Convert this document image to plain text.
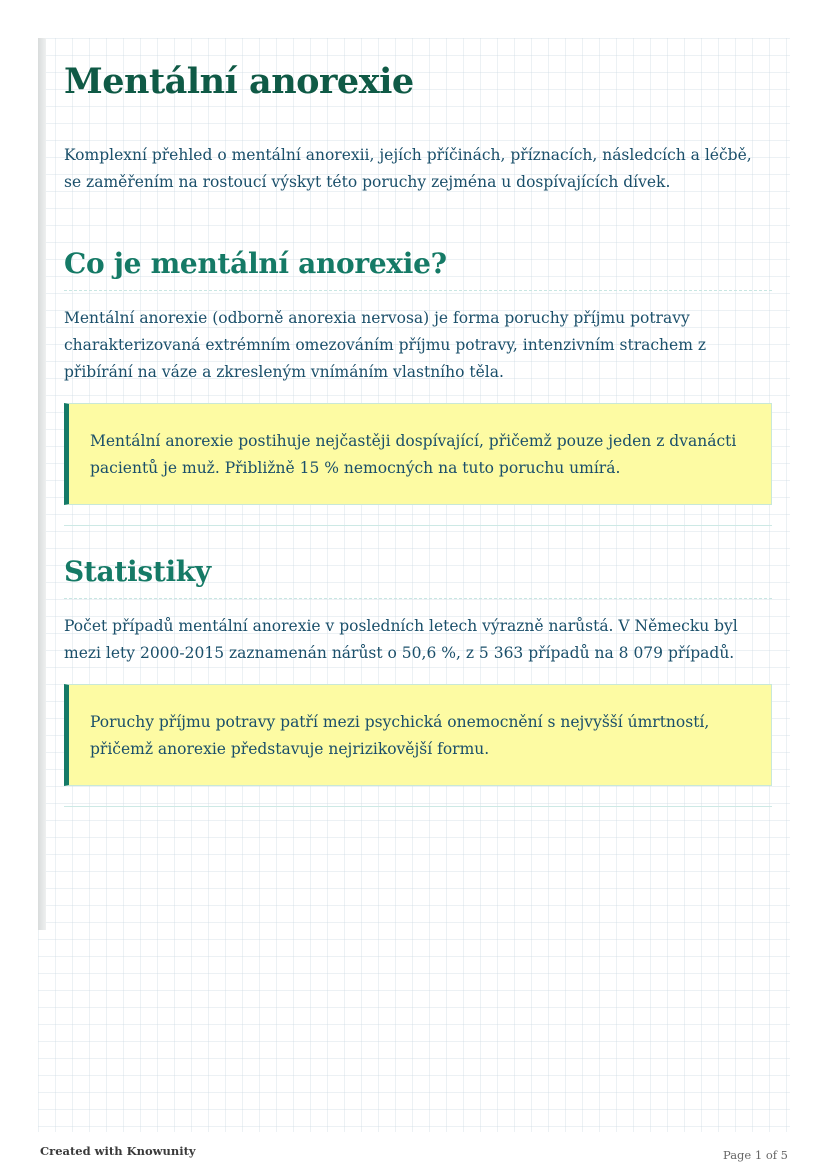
Mentální anorexie

Komplexní přehled o mentální anorexii, jejích příčinách, příznacích, následcích a léčbě, se zaměřením na rostoucí výskyt této poruchy zejména u dospívajících dívek.

Co je mentální anorexie?

Mentální anorexie (odborně anorexia nervosa) je forma poruchy příjmu potravy charakterizovaná extrémním omezováním příjmu potravy, intenzivním strachem z přibírání na váze a zkresleným vnímáním vlastního těla.

Mentální anorexie postihuje nejčastěji dospívající, přičemž pouze jeden z dvanácti pacientů je muž. Přibližně 15 % nemocných na tuto poruchu umírá.
Statistiky

Počet případů mentální anorexie v posledních letech výrazně narůstá. V Německu byl mezi lety 2000-2015 zaznamenán nárůst o 50,6 %, z 5 363 případů na 8 079 případů.

Poruchy příjmu potravy patří mezi psychická onemocnění s nejvyšší úmrtností, přičemž anorexie představuje nejrizikovější formu.
Created with Knowunity	Page 1 of 5
